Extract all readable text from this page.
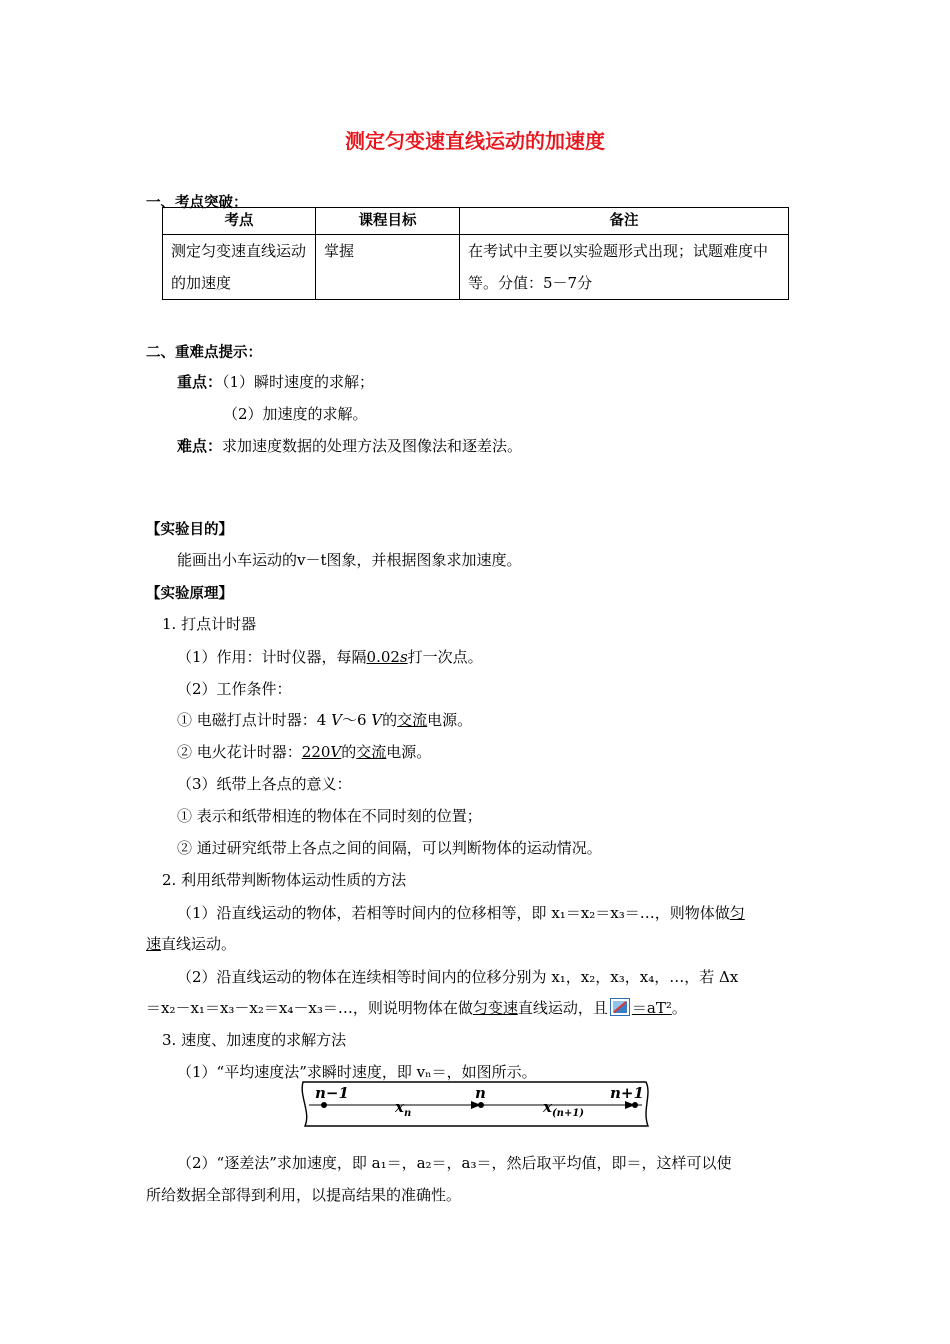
测定匀变速直线运动的加速度
一、考点突破：
考点	课程目标	备注
测定匀变速直线运动的加速度	掌握	在考试中主要以实验题形式出现；试题难度中等。分值：5－7分
二、重难点提示：
重点：（1）瞬时速度的求解；
（2）加速度的求解。
难点：求加速度数据的处理方法及图像法和逐差法。
【实验目的】
能画出小车运动的v－t图象，并根据图象求加速度。
【实验原理】
1. 打点计时器
（1）作用：计时仪器，每隔0.02s打一次点。
（2）工作条件：
① 电磁打点计时器：4 V～6 V的交流电源。
② 电火花计时器：220V的交流电源。
（3）纸带上各点的意义：
① 表示和纸带相连的物体在不同时刻的位置；
② 通过研究纸带上各点之间的间隔，可以判断物体的运动情况。
2. 利用纸带判断物体运动性质的方法
（1）沿直线运动的物体，若相等时间内的位移相等，即 x₁＝x₂＝x₃＝…，则物体做匀
速直线运动。
（2）沿直线运动的物体在连续相等时间内的位移分别为 x₁，x₂，x₃，x₄，…，若 Δx
＝x₂－x₁＝x₃－x₂＝x₄－x₃＝…，则说明物体在做匀变速直线运动，且 ＝aT²。
3. 速度、加速度的求解方法
（1）“平均速度法”求瞬时速度，即 vₙ＝，如图所示。
n−1	n	n+1
$x_n$	$x_{(n+1)}$
（2）“逐差法”求加速度，即 a₁＝，a₂＝，a₃＝，然后取平均值，即＝，这样可以使
所给数据全部得到利用，以提高结果的准确性。
